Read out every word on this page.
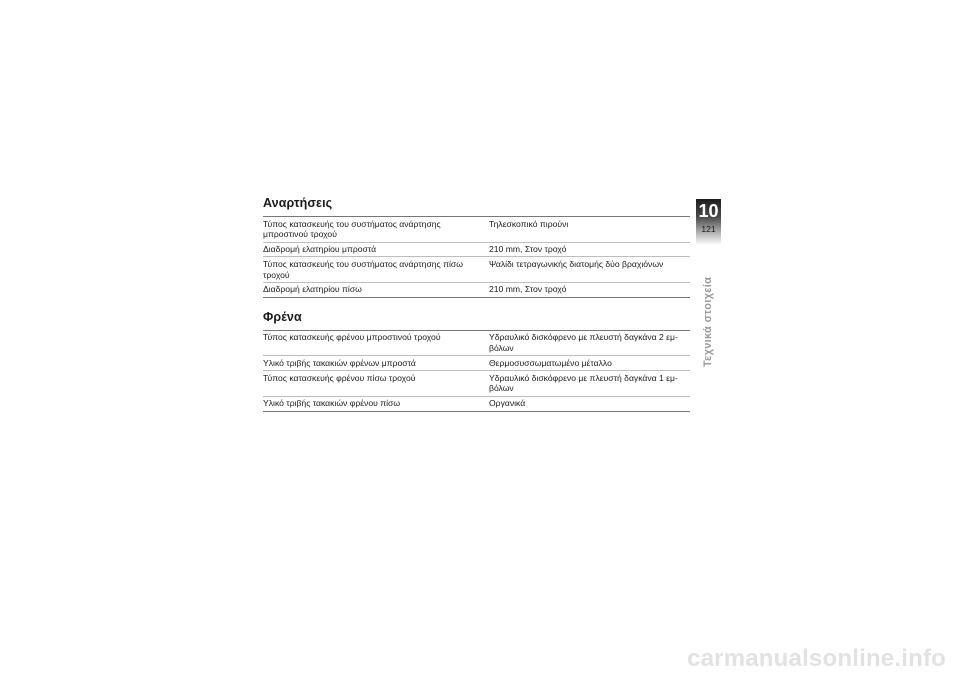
Αναρτήσεις
Τύπος κατασκευής του συστήματος ανάρτησης μπροστινού τροχού	Τηλεσκοπικό πιρούνι
Διαδρομή ελατηρίου μπροστά	210 mm, Στον τροχό
Τύπος κατασκευής του συστήματος ανάρτησης πίσω τροχού	Ψαλίδι τετραγωνικής διατομής δύο βραχιόνων
Διαδρομή ελατηρίου πίσω	210 mm, Στον τροχό
Φρένα
Τύπος κατασκευής φρένου μπροστινού τροχού	Υδραυλικό δισκόφρενο με πλευστή δαγκάνα 2 εμ-βόλων
Υλικό τριβής τακακιών φρένων μπροστά	Θερμοσυσσωματωμένο μέταλλο
Τύπος κατασκευής φρένου πίσω τροχού	Υδραυλικό δισκόφρενο με πλευστή δαγκάνα 1 εμ-βόλων
Υλικό τριβής τακακιών φρένου πίσω	Οργανικά
10
121
Τεχνικά στοιχεία
carmanualsonline.info
